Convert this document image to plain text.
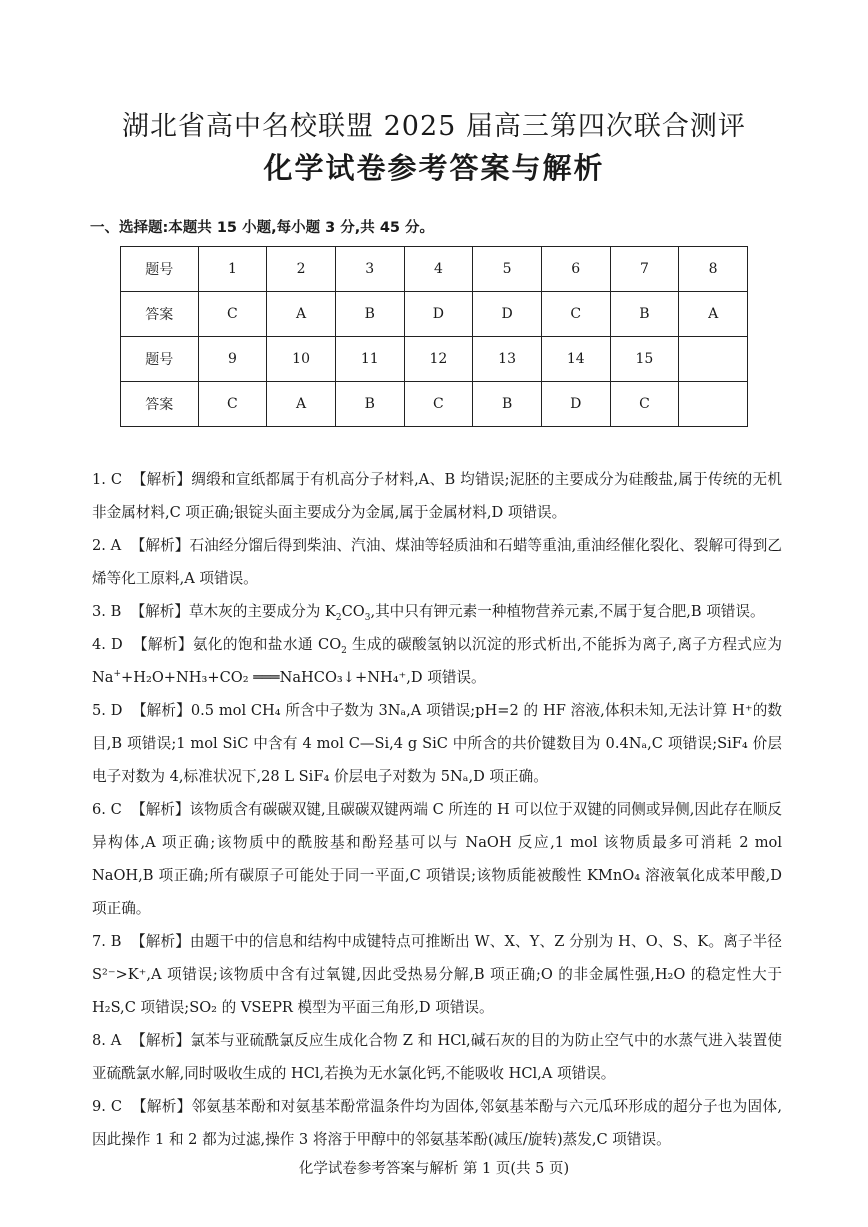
湖北省高中名校联盟 2025 届高三第四次联合测评
化学试卷参考答案与解析
一、选择题:本题共 15 小题,每小题 3 分,共 45 分。
题号	1	2	3	4	5	6	7	8
答案	C	A	B	D	D	C	B	A
题号	9	10	11	12	13	14	15	
答案	C	A	B	C	B	D	C	

1. C 【解析】绸缎和宣纸都属于有机高分子材料,A、B 均错误;泥胚的主要成分为硅酸盐,属于传统的无机非金属材料,C 项正确;银锭头面主要成分为金属,属于金属材料,D 项错误。

2. A 【解析】石油经分馏后得到柴油、汽油、煤油等轻质油和石蜡等重油,重油经催化裂化、裂解可得到乙烯等化工原料,A 项错误。

3. B 【解析】草木灰的主要成分为 $K_2CO_3$,其中只有钾元素一种植物营养元素,不属于复合肥,B 项错误。

4. D 【解析】氨化的饱和盐水通 $CO_2$ 生成的碳酸氢钠以沉淀的形式析出,不能拆为离子,离子方程式应为 Na++H₂O+NH₃+CO₂ ═══NaHCO₃↓+NH₄⁺,D 项错误。

5. D 【解析】0.5 mol CH₄ 所含中子数为 3Nₐ,A 项错误;pH=2 的 HF 溶液,体积未知,无法计算 H⁺的数目,B 项错误;1 mol SiC 中含有 4 mol C—Si,4 g SiC 中所含的共价键数目为 0.4Nₐ,C 项错误;SiF₄ 价层电子对数为 4,标准状况下,28 L SiF₄ 价层电子对数为 5Nₐ,D 项正确。

6. C 【解析】该物质含有碳碳双键,且碳碳双键两端 C 所连的 H 可以位于双键的同侧或异侧,因此存在顺反异构体,A 项正确;该物质中的酰胺基和酚羟基可以与 NaOH 反应,1 mol 该物质最多可消耗 2 mol NaOH,B 项正确;所有碳原子可能处于同一平面,C 项错误;该物质能被酸性 KMnO₄ 溶液氧化成苯甲酸,D 项正确。

7. B 【解析】由题干中的信息和结构中成键特点可推断出 W、X、Y、Z 分别为 H、O、S、K。离子半径 S²⁻>K⁺,A 项错误;该物质中含有过氧键,因此受热易分解,B 项正确;O 的非金属性强,H₂O 的稳定性大于 H₂S,C 项错误;SO₂ 的 VSEPR 模型为平面三角形,D 项错误。

8. A 【解析】氯苯与亚硫酰氯反应生成化合物 Z 和 HCl,碱石灰的目的为防止空气中的水蒸气进入装置使亚硫酰氯水解,同时吸收生成的 HCl,若换为无水氯化钙,不能吸收 HCl,A 项错误。

9. C 【解析】邻氨基苯酚和对氨基苯酚常温条件均为固体,邻氨基苯酚与六元瓜环形成的超分子也为固体,因此操作 1 和 2 都为过滤,操作 3 将溶于甲醇中的邻氨基苯酚(减压/旋转)蒸发,C 项错误。

化学试卷参考答案与解析 第 1 页(共 5 页)
